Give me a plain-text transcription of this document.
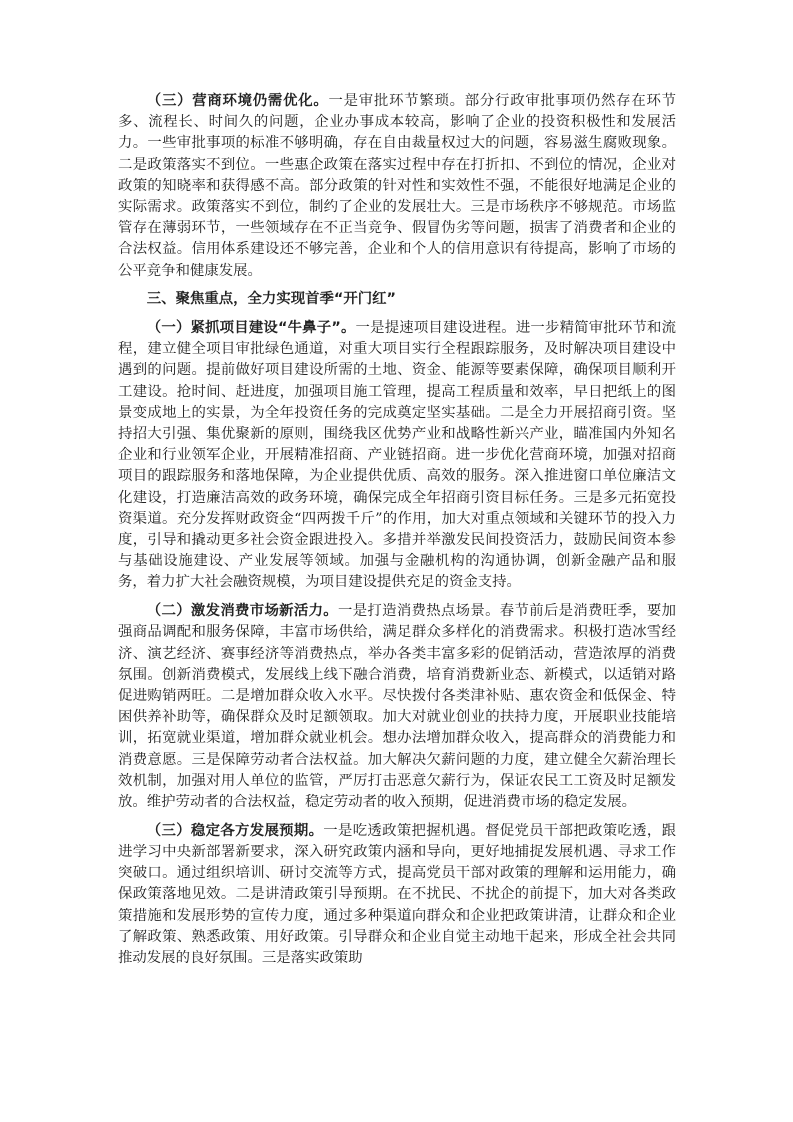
（三）营商环境仍需优化。一是审批环节繁琐。部分行政审批事项仍然存在环节多、流程长、时间久的问题，企业办事成本较高，影响了企业的投资积极性和发展活力。一些审批事项的标准不够明确，存在自由裁量权过大的问题，容易滋生腐败现象。二是政策落实不到位。一些惠企政策在落实过程中存在打折扣、不到位的情况，企业对政策的知晓率和获得感不高。部分政策的针对性和实效性不强，不能很好地满足企业的实际需求。政策落实不到位，制约了企业的发展壮大。三是市场秩序不够规范。市场监管存在薄弱环节，一些领域存在不正当竞争、假冒伪劣等问题，损害了消费者和企业的合法权益。信用体系建设还不够完善，企业和个人的信用意识有待提高，影响了市场的公平竞争和健康发展。

三、聚焦重点，全力实现首季“开门红”

（一）紧抓项目建设“牛鼻子”。一是提速项目建设进程。进一步精简审批环节和流程，建立健全项目审批绿色通道，对重大项目实行全程跟踪服务，及时解决项目建设中遇到的问题。提前做好项目建设所需的土地、资金、能源等要素保障，确保项目顺利开工建设。抢时间、赶进度，加强项目施工管理，提高工程质量和效率，早日把纸上的图景变成地上的实景，为全年投资任务的完成奠定坚实基础。二是全力开展招商引资。坚持招大引强、集优聚新的原则，围绕我区优势产业和战略性新兴产业，瞄准国内外知名企业和行业领军企业，开展精准招商、产业链招商。进一步优化营商环境，加强对招商项目的跟踪服务和落地保障，为企业提供优质、高效的服务。深入推进窗口单位廉洁文化建设，打造廉洁高效的政务环境，确保完成全年招商引资目标任务。三是多元拓宽投资渠道。充分发挥财政资金“四两拨千斤”的作用，加大对重点领域和关键环节的投入力度，引导和撬动更多社会资金跟进投入。多措并举激发民间投资活力，鼓励民间资本参与基础设施建设、产业发展等领域。加强与金融机构的沟通协调，创新金融产品和服务，着力扩大社会融资规模，为项目建设提供充足的资金支持。

（二）激发消费市场新活力。一是打造消费热点场景。春节前后是消费旺季，要加强商品调配和服务保障，丰富市场供给，满足群众多样化的消费需求。积极打造冰雪经济、演艺经济、赛事经济等消费热点，举办各类丰富多彩的促销活动，营造浓厚的消费氛围。创新消费模式，发展线上线下融合消费，培育消费新业态、新模式，以适销对路促进购销两旺。二是增加群众收入水平。尽快拨付各类津补贴、惠农资金和低保金、特困供养补助等，确保群众及时足额领取。加大对就业创业的扶持力度，开展职业技能培训，拓宽就业渠道，增加群众就业机会。想办法增加群众收入，提高群众的消费能力和消费意愿。三是保障劳动者合法权益。加大解决欠薪问题的力度，建立健全欠薪治理长效机制，加强对用人单位的监管，严厉打击恶意欠薪行为，保证农民工工资及时足额发放。维护劳动者的合法权益，稳定劳动者的收入预期，促进消费市场的稳定发展。

（三）稳定各方发展预期。一是吃透政策把握机遇。督促党员干部把政策吃透，跟进学习中央新部署新要求，深入研究政策内涵和导向，更好地捕捉发展机遇、寻求工作突破口。通过组织培训、研讨交流等方式，提高党员干部对政策的理解和运用能力，确保政策落地见效。二是讲清政策引导预期。在不扰民、不扰企的前提下，加大对各类政策措施和发展形势的宣传力度，通过多种渠道向群众和企业把政策讲清，让群众和企业了解政策、熟悉政策、用好政策。引导群众和企业自觉主动地干起来，形成全社会共同推动发展的良好氛围。三是落实政策助
